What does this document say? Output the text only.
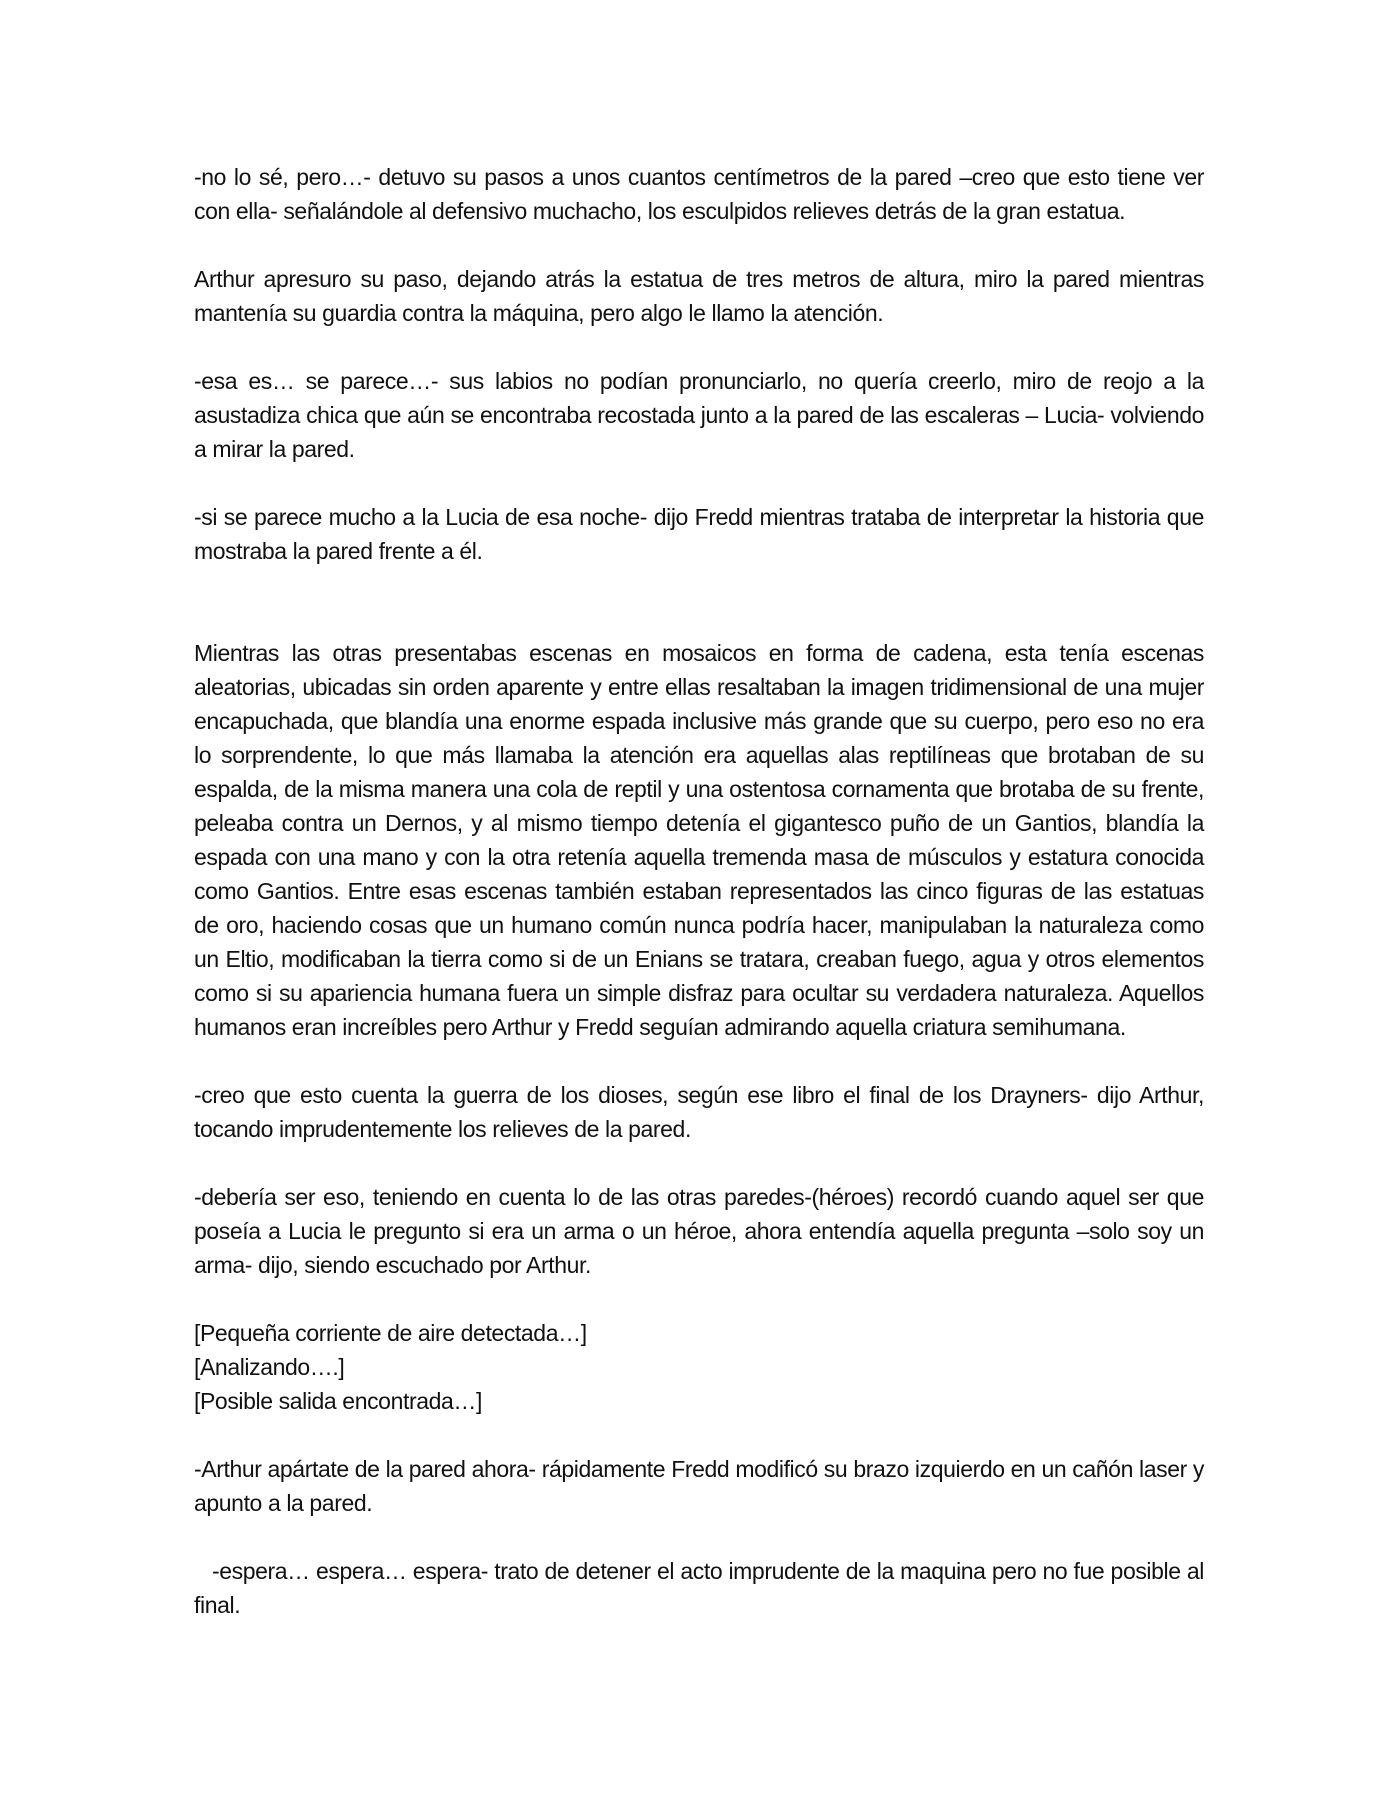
-no lo sé, pero…- detuvo su pasos a unos cuantos centímetros de la pared –creo que esto tiene ver con ella- señalándole al defensivo muchacho, los esculpidos relieves detrás de la gran estatua.

Arthur apresuro su paso, dejando atrás la estatua de tres metros de altura, miro la pared mientras mantenía su guardia contra la máquina, pero algo le llamo la atención.

-esa es… se parece…- sus labios no podían pronunciarlo, no quería creerlo, miro de reojo a la asustadiza chica que aún se encontraba recostada junto a la pared de las escaleras – Lucia- volviendo a mirar la pared.

-si se parece mucho a la Lucia de esa noche- dijo Fredd mientras trataba de interpretar la historia que mostraba la pared frente a él.

Mientras las otras presentabas escenas en mosaicos en forma de cadena, esta tenía escenas aleatorias, ubicadas sin orden aparente y entre ellas resaltaban la imagen tridimensional de una mujer encapuchada, que blandía una enorme espada inclusive más grande que su cuerpo, pero eso no era lo sorprendente, lo que más llamaba la atención era aquellas alas reptilíneas que brotaban de su espalda, de la misma manera una cola de reptil y una ostentosa cornamenta que brotaba de su frente, peleaba contra un Dernos, y al mismo tiempo detenía el gigantesco puño de un Gantios, blandía la espada con una mano y con la otra retenía aquella tremenda masa de músculos y estatura conocida como Gantios. Entre esas escenas también estaban representados las cinco figuras de las estatuas de oro, haciendo cosas que un humano común nunca podría hacer, manipulaban la naturaleza como un Eltio, modificaban la tierra como si de un Enians se tratara, creaban fuego, agua y otros elementos como si su apariencia humana fuera un simple disfraz para ocultar su verdadera naturaleza. Aquellos humanos eran increíbles pero Arthur y Fredd seguían admirando aquella criatura semihumana.

-creo que esto cuenta la guerra de los dioses, según ese libro el final de los Drayners- dijo Arthur, tocando imprudentemente los relieves de la pared.

-debería ser eso, teniendo en cuenta lo de las otras paredes-(héroes) recordó cuando aquel ser que poseía a Lucia le pregunto si era un arma o un héroe, ahora entendía aquella pregunta –solo soy un arma- dijo, siendo escuchado por Arthur.

[Pequeña corriente de aire detectada…]
[Analizando….]
[Posible salida encontrada…]

-Arthur apártate de la pared ahora- rápidamente Fredd modificó su brazo izquierdo en un cañón laser y apunto a la pared.

-espera… espera… espera- trato de detener el acto imprudente de la maquina pero no fue posible al final.
